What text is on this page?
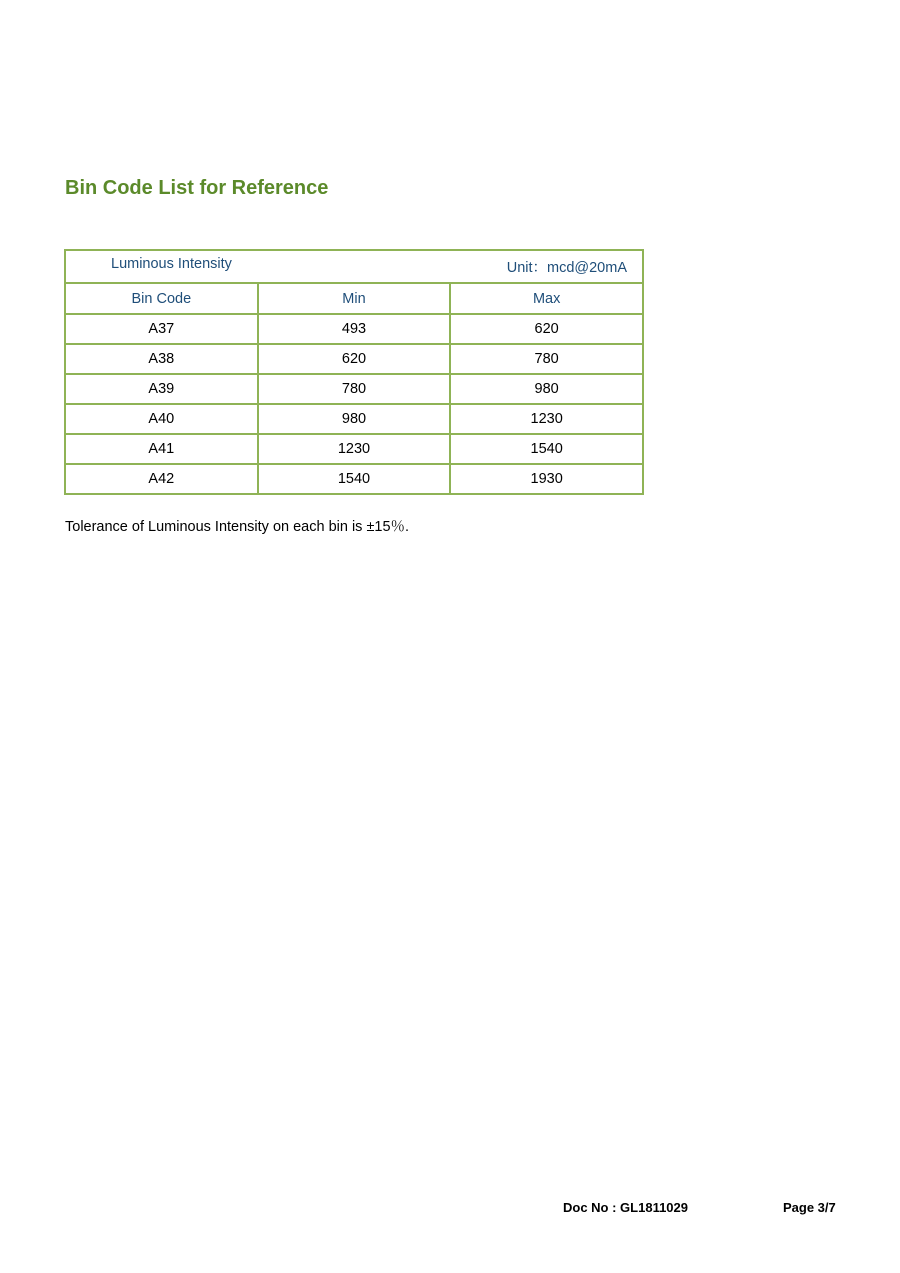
Bin Code List for Reference
Luminous Intensity Unit：mcd@20mA		

Bin Code	Min	Max
A37	493	620
A38	620	780
A39	780	980
A40	980	1230
A41	1230	1540
A42	1540	1930

Tolerance of Luminous Intensity on each bin is ±15％.

Doc No : GL1811029	Page 3/7
